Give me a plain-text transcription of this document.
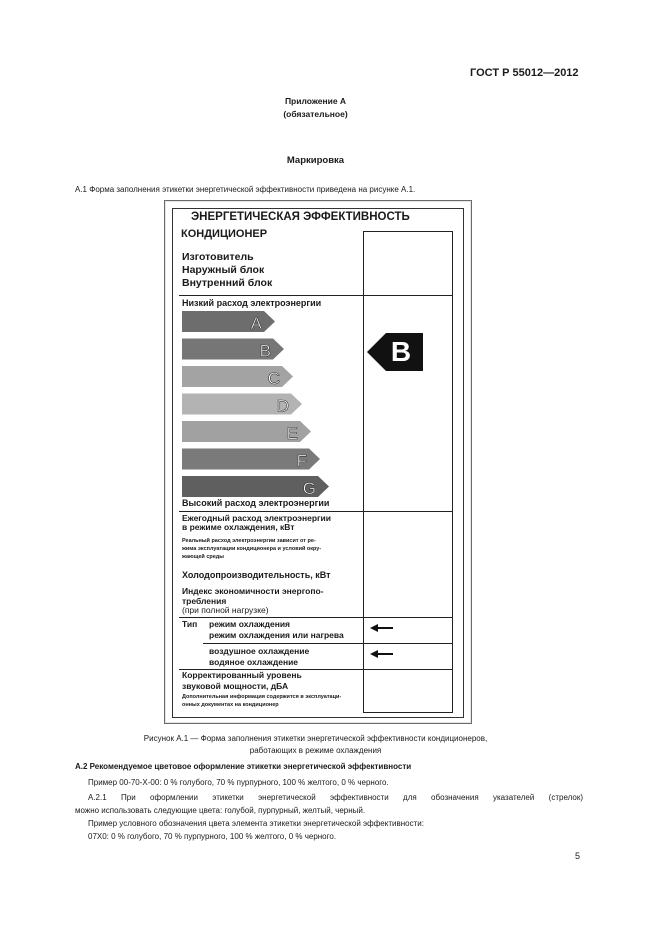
ГОСТ Р 55012—2012
Приложение А
(обязательное)
Маркировка
А.1 Форма заполнения этикетки энергетической эффективности приведена на рисунке А.1.
ЭНЕРГЕТИЧЕСКАЯ ЭФФЕКТИВНОСТЬ
КОНДИЦИОНЕР
Изготовитель
Наружный блок
Внутренний блок
Низкий расход электроэнергии
A
B
C
D
E
F
G
B
Высокий расход электроэнергии
Ежегодный расход электроэнергии
в режиме охлаждения, кВт
Реальный расход электроэнергии зависит от ре-
жима эксплуатации кондиционера и условий окру-
жающей среды
Холодопроизводительность, кВт
Индекс экономичности энергопо-
требления
(при полной нагрузке)
Тип режим охлаждения
режим охлаждения или нагрева
воздушное охлаждение
водяное охлаждение
Корректированный уровень
звуковой мощности, дБА
Дополнительная информация содержится в эксплуатаци-
онных документах на кондиционер
Рисунок А.1 — Форма заполнения этикетки энергетической эффективности кондиционеров,
работающих в режиме охлаждения
А.2 Рекомендуемое цветовое оформление этикетки энергетической эффективности
Пример 00-70-Х-00: 0 % голубого, 70 % пурпурного, 100 % желтого, 0 % черного.
А.2.1 При оформлении этикетки энергетической эффективности для обозначения указателей (стрелок)
можно использовать следующие цвета: голубой, пурпурный, желтый, черный.
Пример условного обозначения цвета элемента этикетки энергетической эффективности:
07Х0: 0 % голубого, 70 % пурпурного, 100 % желтого, 0 % черного.
5
